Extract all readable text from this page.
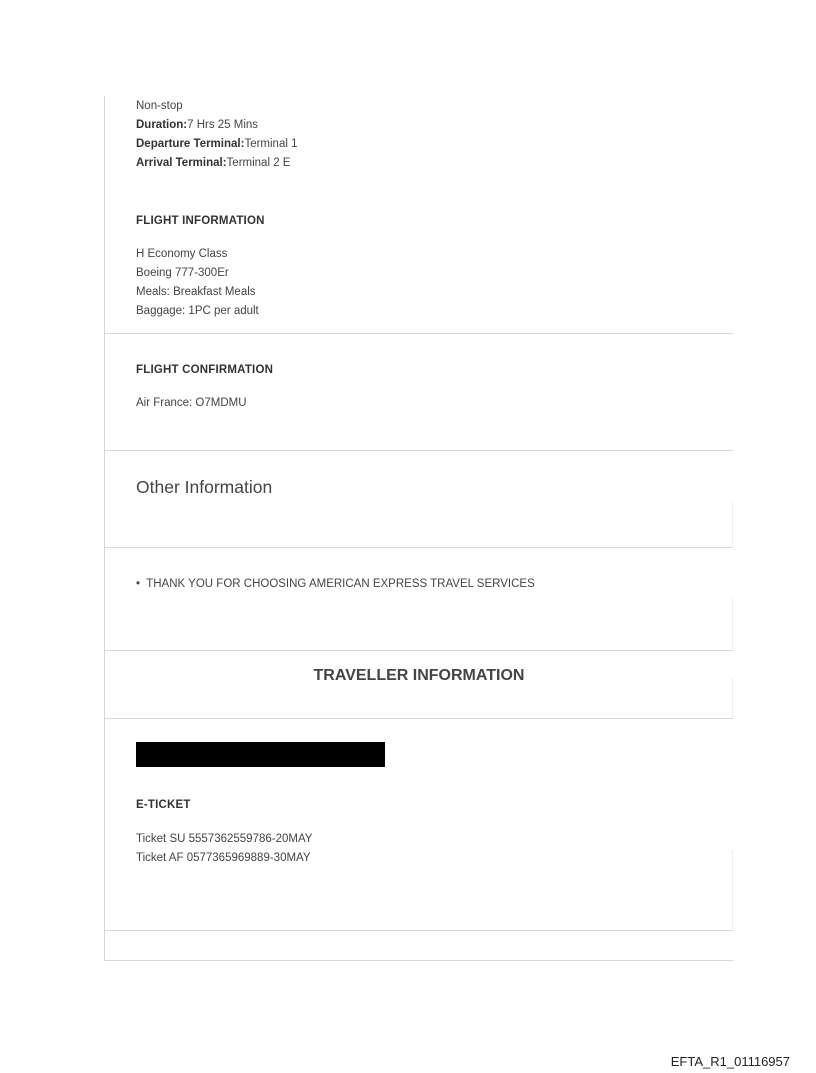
Non-stop
Duration:7 Hrs 25 Mins
Departure Terminal:Terminal 1
Arrival Terminal:Terminal 2 E
FLIGHT INFORMATION
H Economy Class
Boeing 777-300Er
Meals: Breakfast Meals
Baggage: 1PC per adult
FLIGHT CONFIRMATION
Air France: O7MDMU
Other Information
• THANK YOU FOR CHOOSING AMERICAN EXPRESS TRAVEL SERVICES
TRAVELLER INFORMATION
E-TICKET
Ticket SU 5557362559786-20MAY
Ticket AF 0577365969889-30MAY
EFTA_R1_01116957
